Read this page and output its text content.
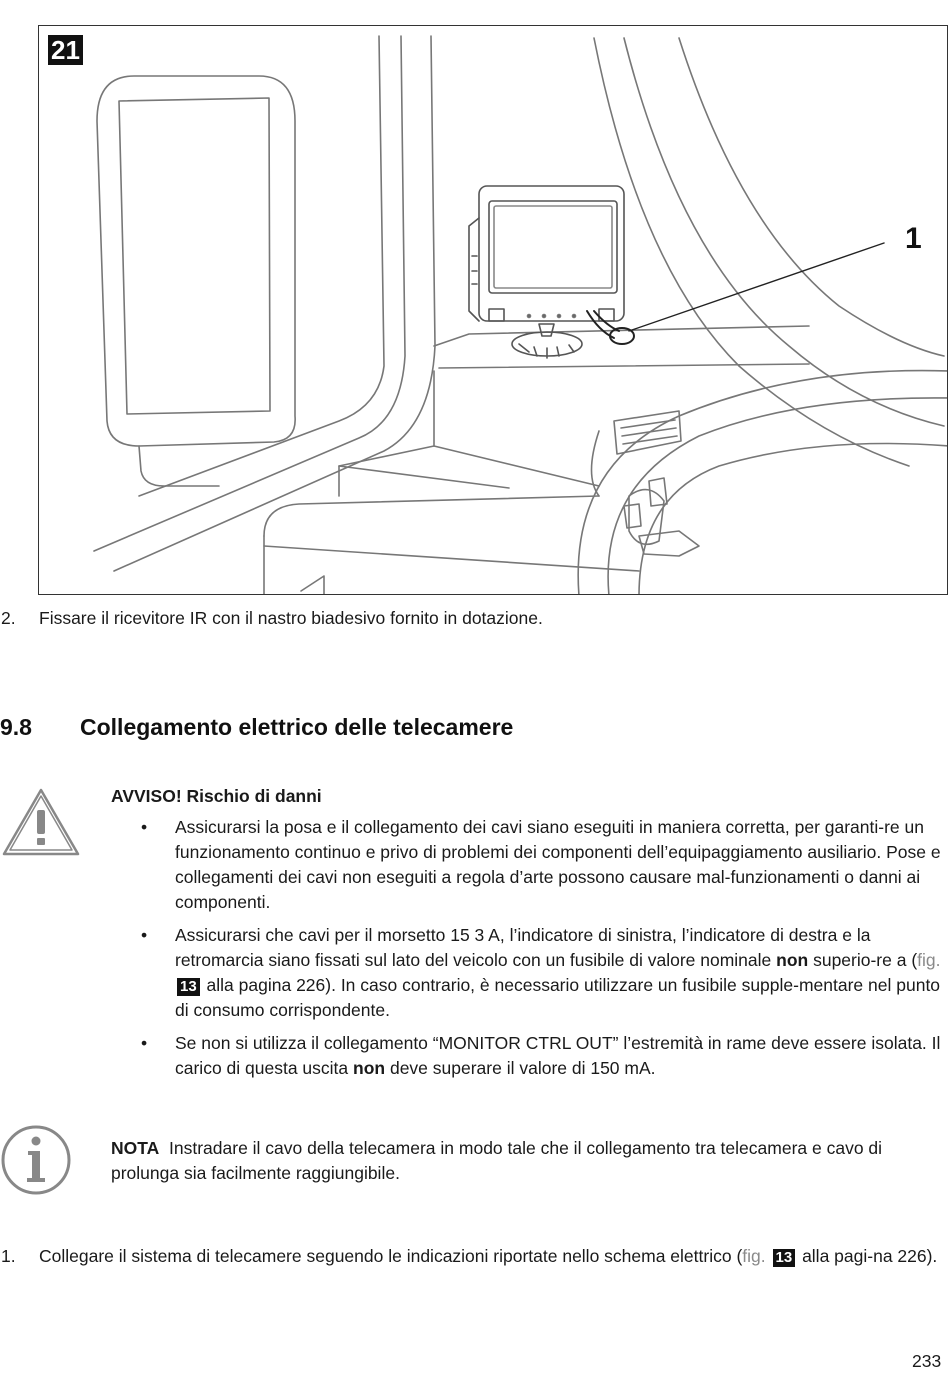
21
1
2. Fissare il ricevitore IR con il nastro biadesivo fornito in dotazione.
9.8 Collegamento elettrico delle telecamere
AVVISO! Rischio di danni
• Assicurarsi la posa e il collegamento dei cavi siano eseguiti in maniera corretta, per garanti-re un funzionamento continuo e privo di problemi dei componenti dell’equipaggiamento ausiliario. Pose e collegamenti dei cavi non eseguiti a regola d’arte possono causare mal-funzionamenti o danni ai componenti.
• Assicurarsi che cavi per il morsetto 15 3 A, l’indicatore di sinistra, l’indicatore di destra e la retromarcia siano fissati sul lato del veicolo con un fusibile di valore nominale non superio-re a (fig. 13 alla pagina 226). In caso contrario, è necessario utilizzare un fusibile supple-mentare nel punto di consumo corrispondente.
• Se non si utilizza il collegamento “MONITOR CTRL OUT” l’estremità in rame deve essere isolata. Il carico di questa uscita non deve superare il valore di 150 mA.
NOTA Instradare il cavo della telecamera in modo tale che il collegamento tra telecamera e cavo di prolunga sia facilmente raggiungibile.
1. Collegare il sistema di telecamere seguendo le indicazioni riportate nello schema elettrico (fig. 13 alla pagi-na 226).
233
